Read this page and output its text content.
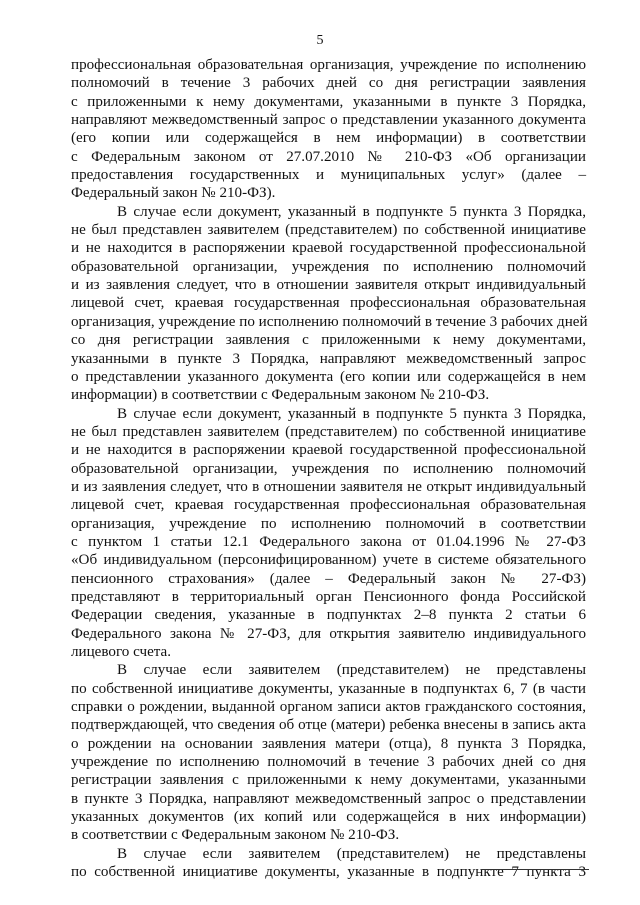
5

профессиональная образовательная организация, учреждение по исполнению
полномочий в течение 3 рабочих дней со дня регистрации заявления
с приложенными к нему документами, указанными в пункте 3 Порядка,
направляют межведомственный запрос о представлении указанного документа
(его копии или содержащейся в нем информации) в соответствии
с Федеральным законом от 27.07.2010 № 210-ФЗ «Об организации
предоставления государственных и муниципальных услуг» (далее –
Федеральный закон № 210-ФЗ).

В случае если документ, указанный в подпункте 5 пункта 3 Порядка,
не был представлен заявителем (представителем) по собственной инициативе
и не находится в распоряжении краевой государственной профессиональной
образовательной организации, учреждения по исполнению полномочий
и из заявления следует, что в отношении заявителя открыт индивидуальный
лицевой счет, краевая государственная профессиональная образовательная
организация, учреждение по исполнению полномочий в течение 3 рабочих дней
со дня регистрации заявления с приложенными к нему документами,
указанными в пункте 3 Порядка, направляют межведомственный запрос
о представлении указанного документа (его копии или содержащейся в нем
информации) в соответствии с Федеральным законом № 210-ФЗ.

В случае если документ, указанный в подпункте 5 пункта 3 Порядка,
не был представлен заявителем (представителем) по собственной инициативе
и не находится в распоряжении краевой государственной профессиональной
образовательной организации, учреждения по исполнению полномочий
и из заявления следует, что в отношении заявителя не открыт индивидуальный
лицевой счет, краевая государственная профессиональная образовательная
организация, учреждение по исполнению полномочий в соответствии
с пунктом 1 статьи 12.1 Федерального закона от 01.04.1996 № 27-ФЗ
«Об индивидуальном (персонифицированном) учете в системе обязательного
пенсионного страхования» (далее – Федеральный закон № 27-ФЗ)
представляют в территориальный орган Пенсионного фонда Российской
Федерации сведения, указанные в подпунктах 2–8 пункта 2 статьи 6
Федерального закона № 27-ФЗ, для открытия заявителю индивидуального
лицевого счета.

В случае если заявителем (представителем) не представлены
по собственной инициативе документы, указанные в подпунктах 6, 7 (в части
справки о рождении, выданной органом записи актов гражданского состояния,
подтверждающей, что сведения об отце (матери) ребенка внесены в запись акта
о рождении на основании заявления матери (отца), 8 пункта 3 Порядка,
учреждение по исполнению полномочий в течение 3 рабочих дней со дня
регистрации заявления с приложенными к нему документами, указанными
в пункте 3 Порядка, направляют межведомственный запрос о представлении
указанных документов (их копий или содержащейся в них информации)
в соответствии с Федеральным законом № 210-ФЗ.

В случае если заявителем (представителем) не представлены
по собственной инициативе документы, указанные в подпункте 7 пункта 3
